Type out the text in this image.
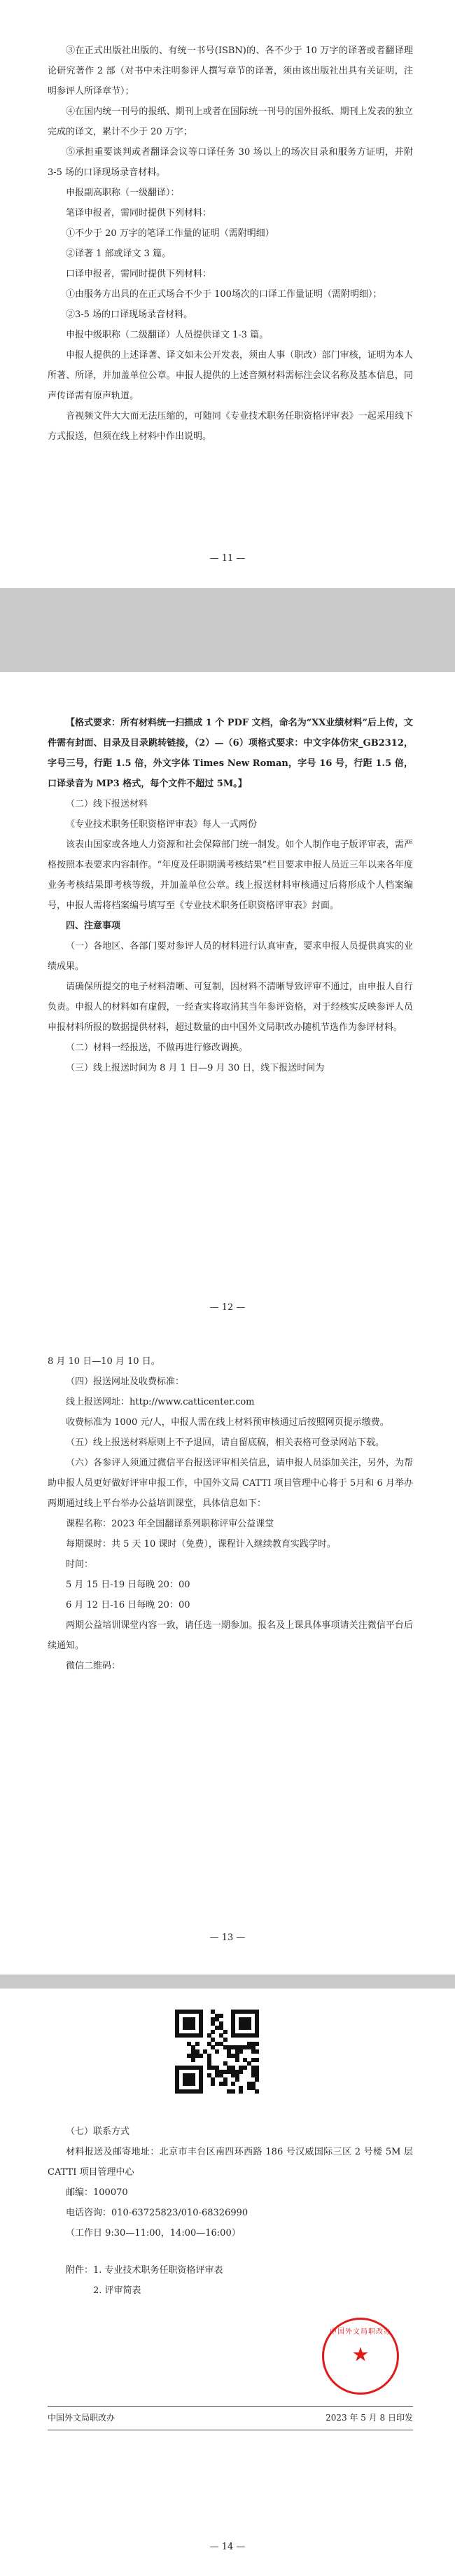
③在正式出版社出版的、有统一书号(ISBN)的、各不少于 10 万字的译著或者翻译理论研究著作 2 部（对书中未注明参评人撰写章节的译著，须由该出版社出具有关证明，注明参评人所译章节）；

④在国内统一刊号的报纸、期刊上或者在国际统一刊号的国外报纸、期刊上发表的独立完成的译文，累计不少于 20 万字；

⑤承担重要谈判或者翻译会议等口译任务 30 场以上的场次目录和服务方证明，并附 3-5 场的口译现场录音材料。

申报副高职称（一级翻译）：

笔译申报者，需同时提供下列材料：

①不少于 20 万字的笔译工作量的证明（需附明细）

②译著 1 部或译文 3 篇。

口译申报者，需同时提供下列材料：

①由服务方出具的在正式场合不少于 100场次的口译工作量证明（需附明细）；

②3-5 场的口译现场录音材料。

申报中级职称（二级翻译）人员提供译文 1-3 篇。

申报人提供的上述译著、译文如未公开发表，须由人事（职改）部门审核，证明为本人所著、所译，并加盖单位公章。申报人提供的上述音频材料需标注会议名称及基本信息，同声传译需有原声轨道。

音视频文件大大而无法压缩的，可随同《专业技术职务任职资格评审表》一起采用线下方式报送，但须在线上材料中作出说明。

— 11 —

【格式要求：所有材料统一扫描成 1 个 PDF 文档，命名为“XX业绩材料”后上传，文件需有封面、目录及目录跳转链接，（2）—（6）项格式要求：中文字体仿宋_GB2312，字号三号，行距 1.5 倍，外文字体 Times New Roman，字号 16 号，行距 1.5 倍，口译录音为 MP3 格式，每个文件不超过 5M。】

（二）线下报送材料

《专业技术职务任职资格评审表》每人一式两份

该表由国家或各地人力资源和社会保障部门统一制发。如个人制作电子版评审表，需严格按照本表要求内容制作。“年度及任职期满考核结果”栏目要求申报人员近三年以来各年度业务考核结果即考核等级，并加盖单位公章。线上报送材料审核通过后将形成个人档案编号，申报人需将档案编号填写至《专业技术职务任职资格评审表》封面。

四、注意事项

（一）各地区、各部门要对参评人员的材料进行认真审查，要求申报人员提供真实的业绩成果。

请确保所提交的电子材料清晰、可复制，因材料不清晰导致评审不通过，由申报人自行负责。申报人的材料如有虚假，一经查实将取消其当年参评资格，对于经核实反映参评人员申报材料所报的数据提供材料，超过数量的由中国外文局职改办随机节选作为参评材料。

（二）材料一经报送，不做再进行修改调换。

（三）线上报送时间为 8 月 1 日—9 月 30 日，线下报送时间为

— 12 —

8 月 10 日—10 月 10 日。

（四）报送网址及收费标准：

线上报送网址：http://www.catticenter.com

收费标准为 1000 元/人，申报人需在线上材料预审核通过后按照网页提示缴费。

（五）线上报送材料原则上不予退回，请自留底稿，相关表格可登录网站下载。

（六）各参评人须通过微信平台报送评审相关信息，请申报人员添加关注，另外，为帮助申报人员更好做好评审申报工作，中国外文局 CATTI 项目管理中心将于 5月和 6 月举办两期通过线上平台举办公益培训课堂，具体信息如下：

课程名称：2023 年全国翻译系列职称评审公益课堂

每期课时：共 5 天 10 课时（免费），课程计入继续教育实践学时。

时间：

5 月 15 日-19 日每晚 20：00

6 月 12 日-16 日每晚 20：00

两期公益培训课堂内容一致，请任选一期参加。报名及上课具体事项请关注微信平台后续通知。

微信二维码：

— 13 —

（七）联系方式

材料报送及邮寄地址：北京市丰台区南四环西路 186 号汉威国际三区 2 号楼 5M 层 CATTI 项目管理中心

邮编：100070

电话咨询：010-63725823/010-68326990

（工作日 9:30—11:00，14:00—16:00）

附件： 1. 专业技术职务任职资格评审表
2. 评审简表
中国外文局职改办
★
中国外文局职改办	2023 年 5 月 8 日印发
— 14 —
